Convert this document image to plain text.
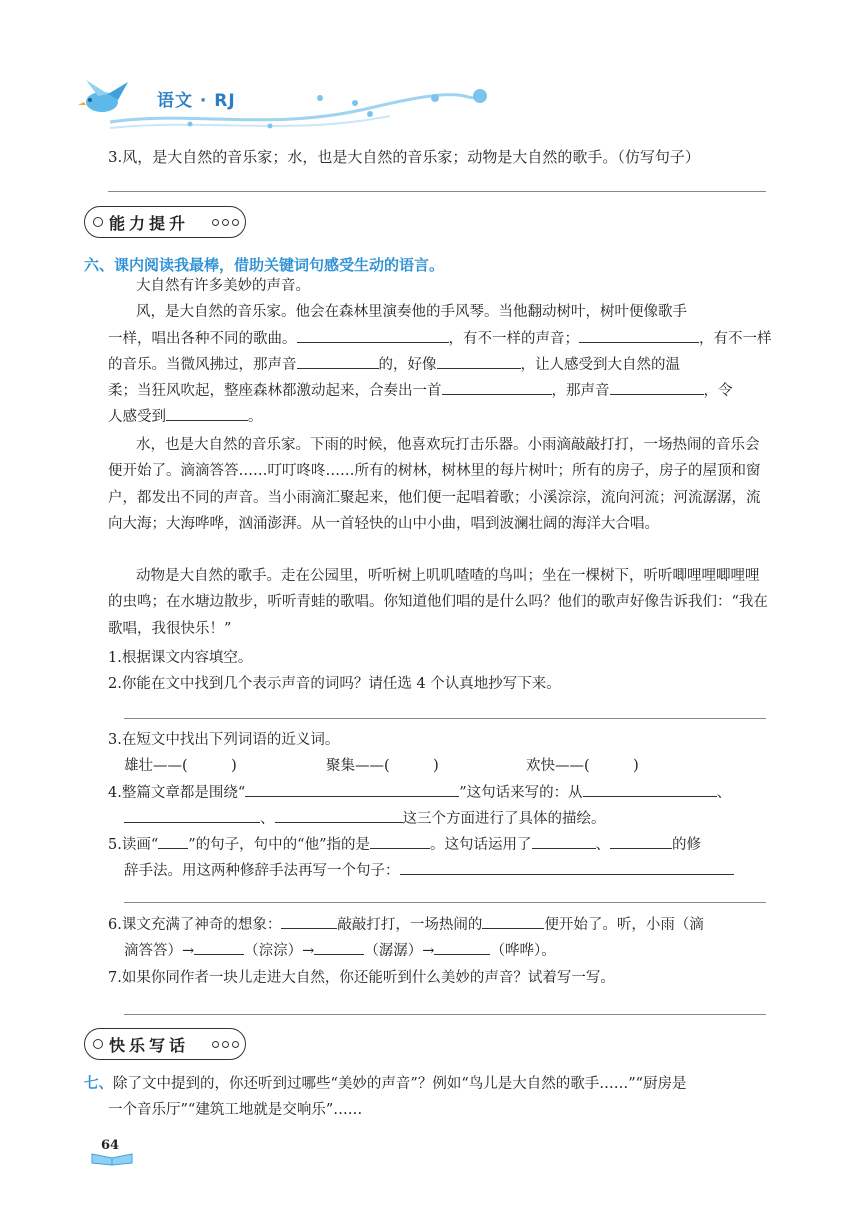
语文 · RJ
3.风，是大自然的音乐家；水，也是大自然的音乐家；动物是大自然的歌手。（仿写句子）
能力提升
六、课内阅读我最棒，借助关键词句感受生动的语言。
大自然有许多美妙的声音。
风，是大自然的音乐家。他会在森林里演奏他的手风琴。当他翻动树叶，树叶便像歌手
一样，唱出各种不同的歌曲。	，有不一样的声音；	，有不一样
的音乐。当微风拂过，那声音	的，好像	，让人感受到大自然的温
柔；当狂风吹起，整座森林都激动起来，合奏出一首	，那声音	，令
人感受到	。
水，也是大自然的音乐家。下雨的时候，他喜欢玩打击乐器。小雨滴敲敲打打，一场热闹的音乐会便开始了。滴滴答答……叮叮咚咚……所有的树林，树林里的每片树叶；所有的房子，房子的屋顶和窗户，都发出不同的声音。当小雨滴汇聚起来，他们便一起唱着歌；小溪淙淙，流向河流；河流潺潺，流向大海；大海哗哗，汹涌澎湃。从一首轻快的山中小曲，唱到波澜壮阔的海洋大合唱。
动物是大自然的歌手。走在公园里，听听树上叽叽喳喳的鸟叫；坐在一棵树下，听听唧哩哩唧哩哩的虫鸣；在水塘边散步，听听青蛙的歌唱。你知道他们唱的是什么吗？他们的歌声好像告诉我们：“我在歌唱，我很快乐！”
1.根据课文内容填空。
2.你能在文中找到几个表示声音的词吗？请任选 4 个认真地抄写下来。
3.在短文中找出下列词语的近义词。
雄壮——(　　　)	聚集——(　　　)	欢快——(　　　)
4.整篇文章都是围绕“	”这句话来写的：从	、
、	这三个方面进行了具体的描绘。
5.读画“ ”的句子，句中的“他”指的是	。这句话运用了	、	的修
辞手法。用这两种修辞手法再写一个句子：
6.课文充满了神奇的想象：	敲敲打打，一场热闹的	便开始了。听，小雨（滴
滴答答）→	（淙淙）→	（潺潺）→	（哗哗）。
7.如果你同作者一块儿走进大自然，你还能听到什么美妙的声音？试着写一写。
快乐写话
七、除了文中提到的，你还听到过哪些“美妙的声音”？例如“鸟儿是大自然的歌手……”“厨房是
一个音乐厅”“建筑工地就是交响乐”……
64
